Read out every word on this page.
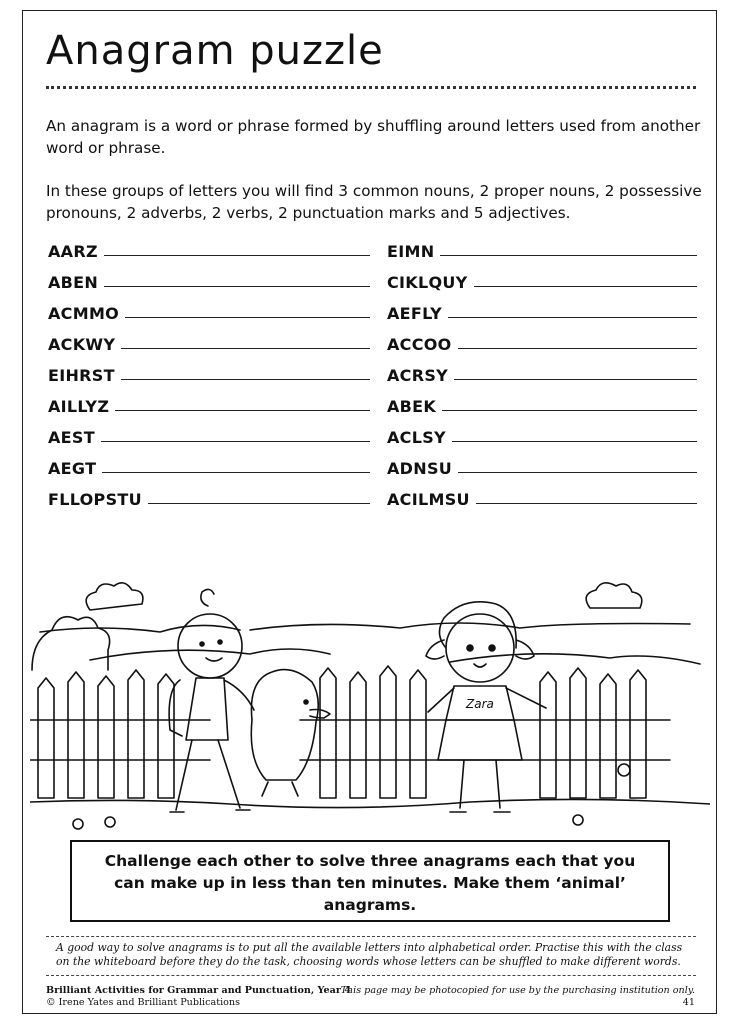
Anagram puzzle
An anagram is a word or phrase formed by shuffling around letters used from another word or phrase.
In these groups of letters you will find 3 common nouns, 2 proper nouns, 2 possessive pronouns, 2 adverbs, 2 verbs, 2 punctuation marks and 5 adjectives.
AARZ
ABEN
ACMMO
ACKWY
EIHRST
AILLYZ
AEST
AEGT
FLLOPSTU
EIMN
CIKLQUY
AEFLY
ACCOO
ACRSY
ABEK
ACLSY
ADNSU
ACILMSU
Zara
Challenge each other to solve three anagrams each that you can make up in less than ten minutes. Make them ‘animal’ anagrams.
A good way to solve anagrams is to put all the available letters into alphabetical order. Practise this with the class on the whiteboard before they do the task, choosing words whose letters can be shuffled to make different words.
Brilliant Activities for Grammar and Punctuation, Year 4
© Irene Yates and Brilliant Publications
This page may be photocopied for use by the purchasing institution only.
41
